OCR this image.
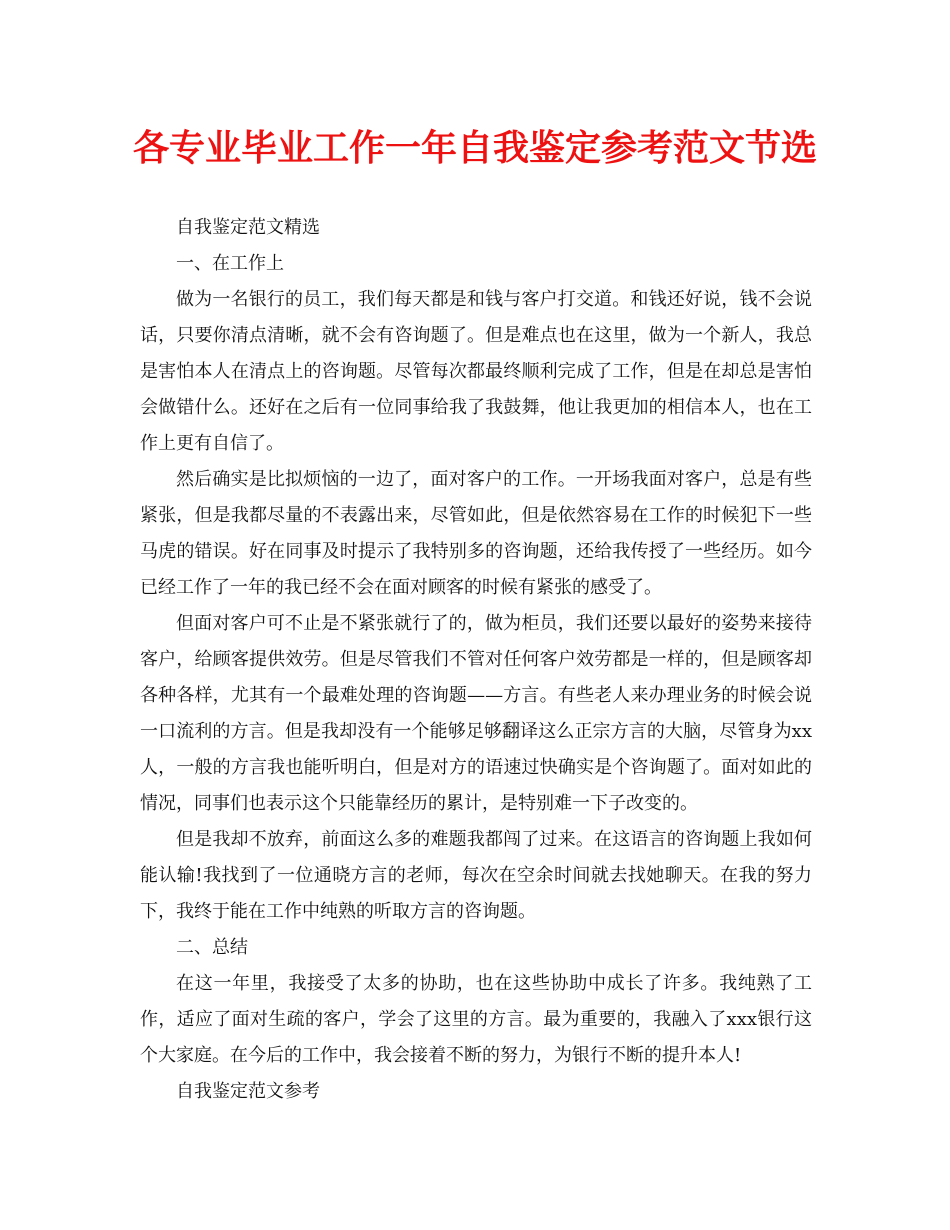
各专业毕业工作一年自我鉴定参考范文节选

自我鉴定范文精选

一、在工作上

做为一名银行的员工，我们每天都是和钱与客户打交道。和钱还好说，钱不会说话，只要你清点清晰，就不会有咨询题了。但是难点也在这里，做为一个新人，我总是害怕本人在清点上的咨询题。尽管每次都最终顺利完成了工作，但是在却总是害怕会做错什么。还好在之后有一位同事给我了我鼓舞，他让我更加的相信本人，也在工作上更有自信了。

然后确实是比拟烦恼的一边了，面对客户的工作。一开场我面对客户，总是有些紧张，但是我都尽量的不表露出来，尽管如此，但是依然容易在工作的时候犯下一些马虎的错误。好在同事及时提示了我特别多的咨询题，还给我传授了一些经历。如今已经工作了一年的我已经不会在面对顾客的时候有紧张的感受了。

但面对客户可不止是不紧张就行了的，做为柜员，我们还要以最好的姿势来接待客户，给顾客提供效劳。但是尽管我们不管对任何客户效劳都是一样的，但是顾客却各种各样，尤其有一个最难处理的咨询题——方言。有些老人来办理业务的时候会说一口流利的方言。但是我却没有一个能够足够翻译这么正宗方言的大脑，尽管身为xx人，一般的方言我也能听明白，但是对方的语速过快确实是个咨询题了。面对如此的情况，同事们也表示这个只能靠经历的累计，是特别难一下子改变的。

但是我却不放弃，前面这么多的难题我都闯了过来。在这语言的咨询题上我如何能认输!我找到了一位通晓方言的老师，每次在空余时间就去找她聊天。在我的努力下，我终于能在工作中纯熟的听取方言的咨询题。

二、总结

在这一年里，我接受了太多的协助，也在这些协助中成长了许多。我纯熟了工作，适应了面对生疏的客户，学会了这里的方言。最为重要的，我融入了xxx银行这个大家庭。在今后的工作中，我会接着不断的努力，为银行不断的提升本人!

自我鉴定范文参考
